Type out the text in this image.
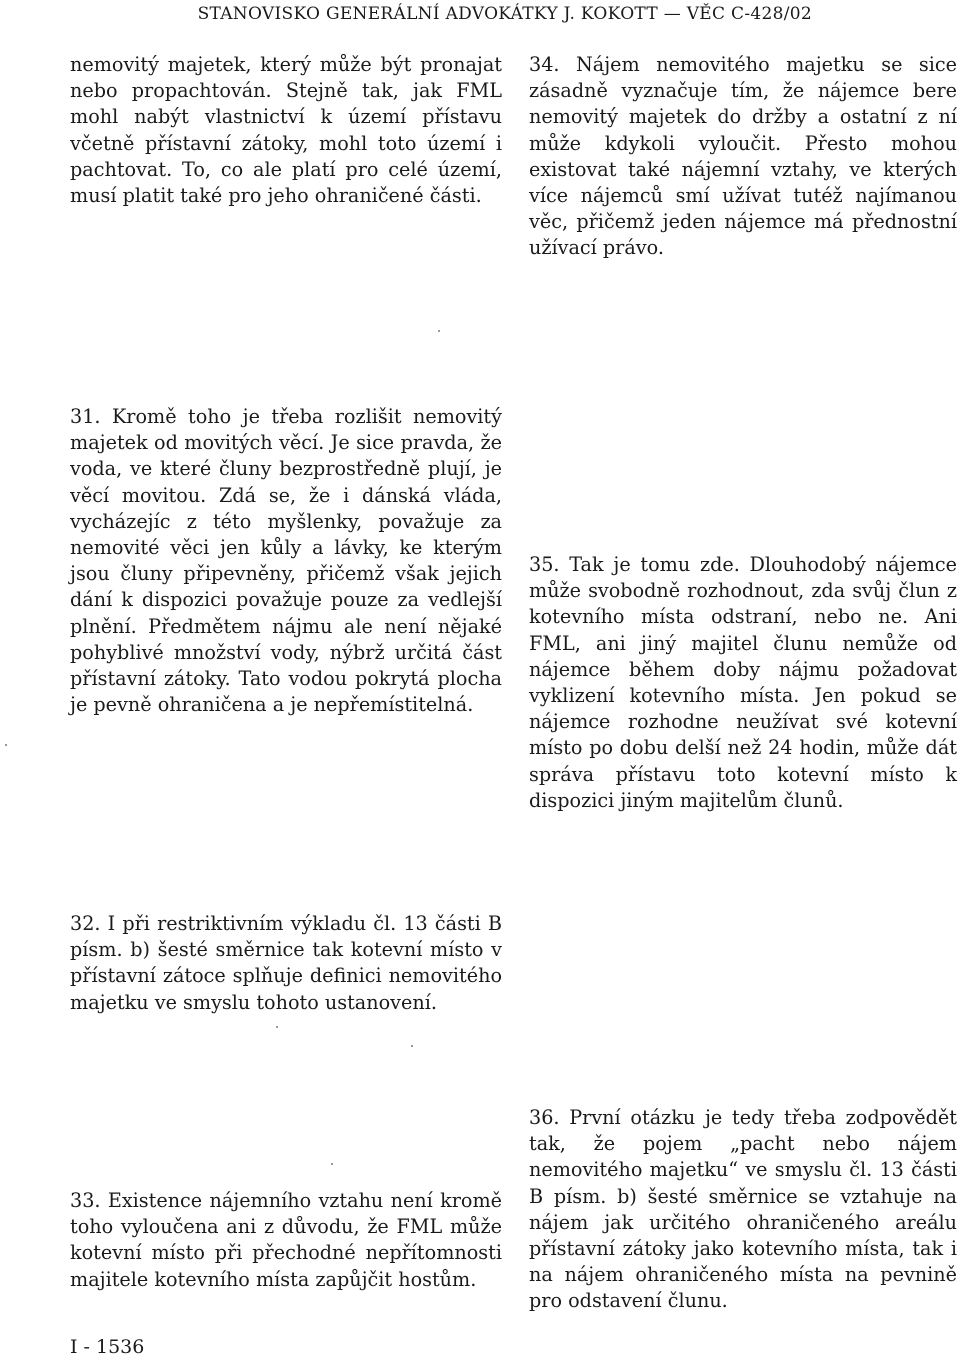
STANOVISKO GENERÁLNÍ ADVOKÁTKY J. KOKOTT — VĚC C-428/02
nemovitý majetek, který může být pronajat nebo propachtován. Stejně tak, jak FML mohl nabýt vlastnictví k území přístavu včetně přístavní zátoky, mohl toto území i pachtovat. To, co ale platí pro celé území, musí platit také pro jeho ohraničené části.
31. Kromě toho je třeba rozlišit nemovitý majetek od movitých věcí. Je sice pravda, že voda, ve které čluny bezprostředně plují, je věcí movitou. Zdá se, že i dánská vláda, vycházejíc z této myšlenky, považuje za nemovité věci jen kůly a lávky, ke kterým jsou čluny připevněny, přičemž však jejich dání k dispozici považuje pouze za vedlejší plnění. Předmětem nájmu ale není nějaké pohyblivé množství vody, nýbrž určitá část přístavní zátoky. Tato vodou pokrytá plocha je pevně ohraničena a je nepřemístitelná.
32. I při restriktivním výkladu čl. 13 části B písm. b) šesté směrnice tak kotevní místo v přístavní zátoce splňuje definici nemovitého majetku ve smyslu tohoto ustanovení.
33. Existence nájemního vztahu není kromě toho vyloučena ani z důvodu, že FML může kotevní místo při přechodné nepřítomnosti majitele kotevního místa zapůjčit hostům.
34. Nájem nemovitého majetku se sice zásadně vyznačuje tím, že nájemce bere nemovitý majetek do držby a ostatní z ní může kdykoli vyloučit. Přesto mohou existovat také nájemní vztahy, ve kterých více nájemců smí užívat tutéž najímanou věc, přičemž jeden nájemce má přednostní užívací právo.
35. Tak je tomu zde. Dlouhodobý nájemce může svobodně rozhodnout, zda svůj člun z kotevního místa odstraní, nebo ne. Ani FML, ani jiný majitel člunu nemůže od nájemce během doby nájmu požadovat vyklizení kotevního místa. Jen pokud se nájemce rozhodne neužívat své kotevní místo po dobu delší než 24 hodin, může dát správa přístavu toto kotevní místo k dispozici jiným majitelům člunů.
36. První otázku je tedy třeba zodpovědět tak, že pojem „pacht nebo nájem nemovitého majetku“ ve smyslu čl. 13 části B písm. b) šesté směrnice se vztahuje na nájem jak určitého ohraničeného areálu přístavní zátoky jako kotevního místa, tak i na nájem ohraničeného místa na pevnině pro odstavení člunu.
I - 1536
